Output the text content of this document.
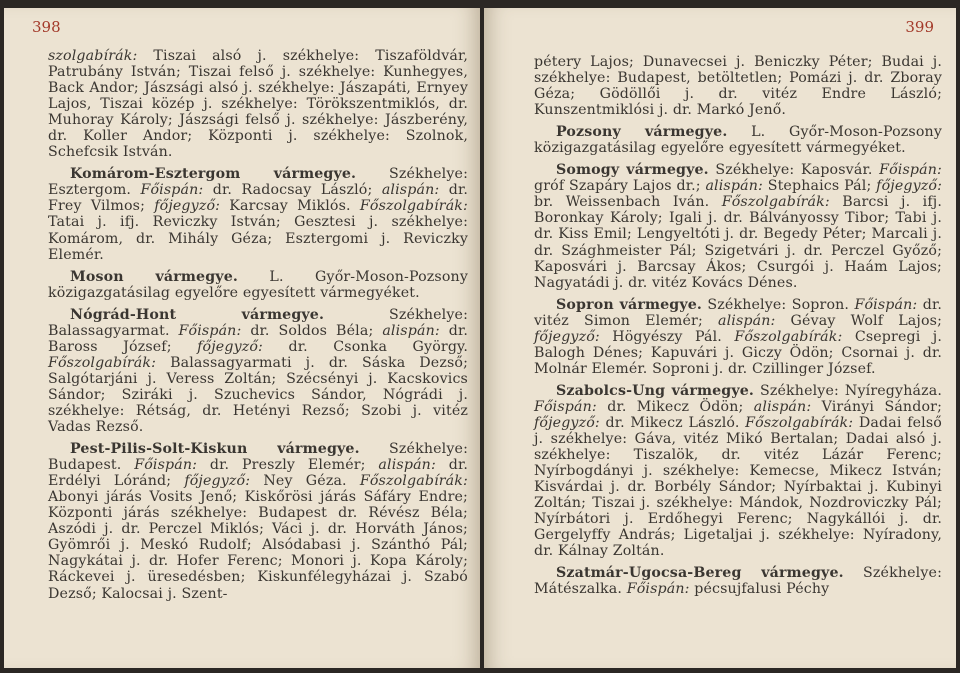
398

szolgabírák: Tiszai alsó j. székhelye: Tiszaföldvár, Patrubány István; Tiszai felső j. székhelye: Kunhegyes, Back Andor; Jászsági alsó j. székhelye: Jászapáti, Ernyey Lajos, Tiszai közép j. székhelye: Törökszentmiklós, dr. Muhoray Károly; Jászsági felső j. székhelye: Jászberény, dr. Koller Andor; Központi j. székhelye: Szolnok, Schefcsik István.

Komárom-Esztergom vármegye. Székhelye: Esztergom. Főispán: dr. Radocsay László; alispán: dr. Frey Vilmos; főjegyző: Karcsay Miklós. Főszolgabírák: Tatai j. ifj. Reviczky István; Gesztesi j. székhelye: Komárom, dr. Mihály Géza; Esztergomi j. Reviczky Elemér.

Moson vármegye. L. Győr-Moson-Pozsony közigazgatásilag egyelőre egyesített vármegyéket.

Nógrád-Hont vármegye. Székhelye: Balassagyarmat. Főispán: dr. Soldos Béla; alispán: dr. Baross József; főjegyző: dr. Csonka György. Főszolgabírák: Balassagyarmati j. dr. Sáska Dezső; Salgótarjáni j. Veress Zoltán; Szécsényi j. Kacskovics Sándor; Sziráki j. Szuchevics Sándor, Nógrádi j. székhelye: Rétság, dr. Hetényi Rezső; Szobi j. vitéz Vadas Rezső.

Pest-Pilis-Solt-Kiskun vármegye. Székhelye: Budapest. Főispán: dr. Preszly Elemér; alispán: dr. Erdélyi Lóránd; főjegyző: Ney Géza. Főszolgabírák: Abonyi járás Vosits Jenő; Kiskőrösi járás Sáfáry Endre; Központi járás székhelye: Budapest dr. Révész Béla; Aszódi j. dr. Perczel Miklós; Váci j. dr. Horváth János; Gyömrői j. Meskó Rudolf; Alsódabasi j. Szánthó Pál; Nagykátai j. dr. Hofer Ferenc; Monori j. Kopa Károly; Ráckevei j. üresedésben; Kiskunfélegyházai j. Szabó Dezső; Kalocsai j. Szent-

399

pétery Lajos; Dunavecsei j. Beniczky Péter; Budai j. székhelye: Budapest, betöltetlen; Pomázi j. dr. Zboray Géza; Gödöllői j. dr. vitéz Endre László; Kunszentmiklósi j. dr. Markó Jenő.

Pozsony vármegye. L. Győr-Moson-Pozsony közigazgatásilag egyelőre egyesített vármegyéket.

Somogy vármegye. Székhelye: Kaposvár. Főispán: gróf Szapáry Lajos dr.; alispán: Stephaics Pál; főjegyző: br. Weissenbach Iván. Főszolgabírák: Barcsi j. ifj. Boronkay Károly; Igali j. dr. Bálványossy Tibor; Tabi j. dr. Kiss Emil; Lengyeltóti j. dr. Begedy Péter; Marcali j. dr. Szághmeister Pál; Szigetvári j. dr. Perczel Győző; Kaposvári j. Barcsay Ákos; Csurgói j. Haám Lajos; Nagyatádi j. dr. vitéz Kovács Dénes.

Sopron vármegye. Székhelye: Sopron. Főispán: dr. vitéz Simon Elemér; alispán: Gévay Wolf Lajos; főjegyző: Högyészy Pál. Főszolgabírák: Csepregi j. Balogh Dénes; Kapuvári j. Giczy Ödön; Csornai j. dr. Molnár Elemér. Soproni j. dr. Czillinger József.

Szabolcs-Ung vármegye. Székhelye: Nyíregyháza. Főispán: dr. Mikecz Ödön; alispán: Virányi Sándor; főjegyző: dr. Mikecz László. Főszolgabírák: Dadai felső j. székhelye: Gáva, vitéz Mikó Bertalan; Dadai alsó j. székhelye: Tiszalök, dr. vitéz Lázár Ferenc; Nyírbogdányi j. székhelye: Kemecse, Mikecz István; Kisvárdai j. dr. Borbély Sándor; Nyírbaktai j. Kubinyi Zoltán; Tiszai j. székhelye: Mándok, Nozdroviczky Pál; Nyírbátori j. Erdőhegyi Ferenc; Nagykállói j. dr. Gergelyffy András; Ligetaljai j. székhelye: Nyíradony, dr. Kálnay Zoltán.

Szatmár-Ugocsa-Bereg vármegye. Székhelye: Mátészalka. Főispán: pécsujfalusi Péchy
